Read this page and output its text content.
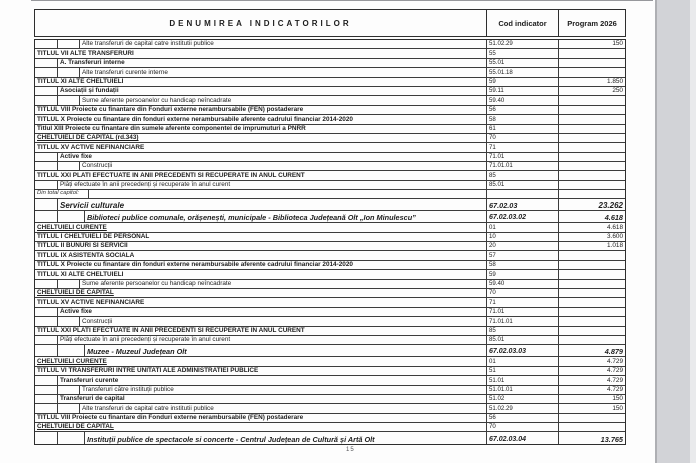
DENUMIREA INDICATORILOR	Cod indicator	Program 2026
Alte transferuri de capital catre institutii publice	51.02.29	150
TITLUL VII ALTE TRANSFERURI	55
A. Transferuri interne	55.01
Alte transferuri curente interne	55.01.18
TITLUL XI ALTE CHELTUIELI	59	1.850
Asociații și fundații	59.11	250
Sume aferente persoanelor cu handicap neîncadrate	59.40
TITLUL VIII Proiecte cu finantare din Fonduri externe nerambursabile (FEN) postaderare	56
TITLUL X Proiecte cu finantare din fonduri externe nerambursabile aferente cadrului financiar 2014-2020	58
Titlul XIII Proiecte cu finantare din sumele aferente componentei de imprumuturi a PNRR	61
CHELTUIELI DE CAPITAL (rd.343)	70
TITLUL XV ACTIVE NEFINANCIARE	71
Active fixe	71.01
Construcții	71.01.01
TITLUL XXI PLATI EFECTUATE IN ANII PRECEDENTI SI RECUPERATE IN ANUL CURENT	85
Plăți efectuate în anii precedenți și recuperate în anul curent	85.01
Din total capitol:
Servicii culturale	67.02.03	23.262
Biblioteci publice comunale, orășenești, municipale - Biblioteca Județeană Olt „Ion Minulescu”	67.02.03.02	4.618
CHELTUIELI CURENTE	01	4.618
TITLUL I CHELTUIELI DE PERSONAL	10	3.600
TITLUL II BUNURI SI SERVICII	20	1.018
TITLUL IX ASISTENTA SOCIALA	57
TITLUL X Proiecte cu finantare din fonduri externe nerambursabile aferente cadrului financiar 2014-2020	58
TITLUL XI ALTE CHELTUIELI	59
Sume aferente persoanelor cu handicap neîncadrate	59.40
CHELTUIELI DE CAPITAL	70
TITLUL XV ACTIVE NEFINANCIARE	71
Active fixe	71.01
Construcții	71.01.01
TITLUL XXI PLATI EFECTUATE IN ANII PRECEDENTI SI RECUPERATE IN ANUL CURENT	85
Plăți efectuate în anii precedenți și recuperate în anul curent	85.01
Muzee - Muzeul Județean Olt	67.02.03.03	4.879
CHELTUIELI CURENTE	01	4.729
TITLUL VI TRANSFERURI INTRE UNITATI ALE ADMINISTRATIEI PUBLICE	51	4.729
Transferuri curente	51.01	4.729
Transferuri către instituții publice	51.01.01	4.729
Transferuri de capital	51.02	150
Alte transferuri de capital catre institutii publice	51.02.29	150
TITLUL VIII Proiecte cu finantare din Fonduri externe nerambursabile (FEN) postaderare	56
CHELTUIELI DE CAPITAL	70
Instituții publice de spectacole si concerte - Centrul Județean de Cultură și Artă Olt	67.02.03.04	13.765
15
